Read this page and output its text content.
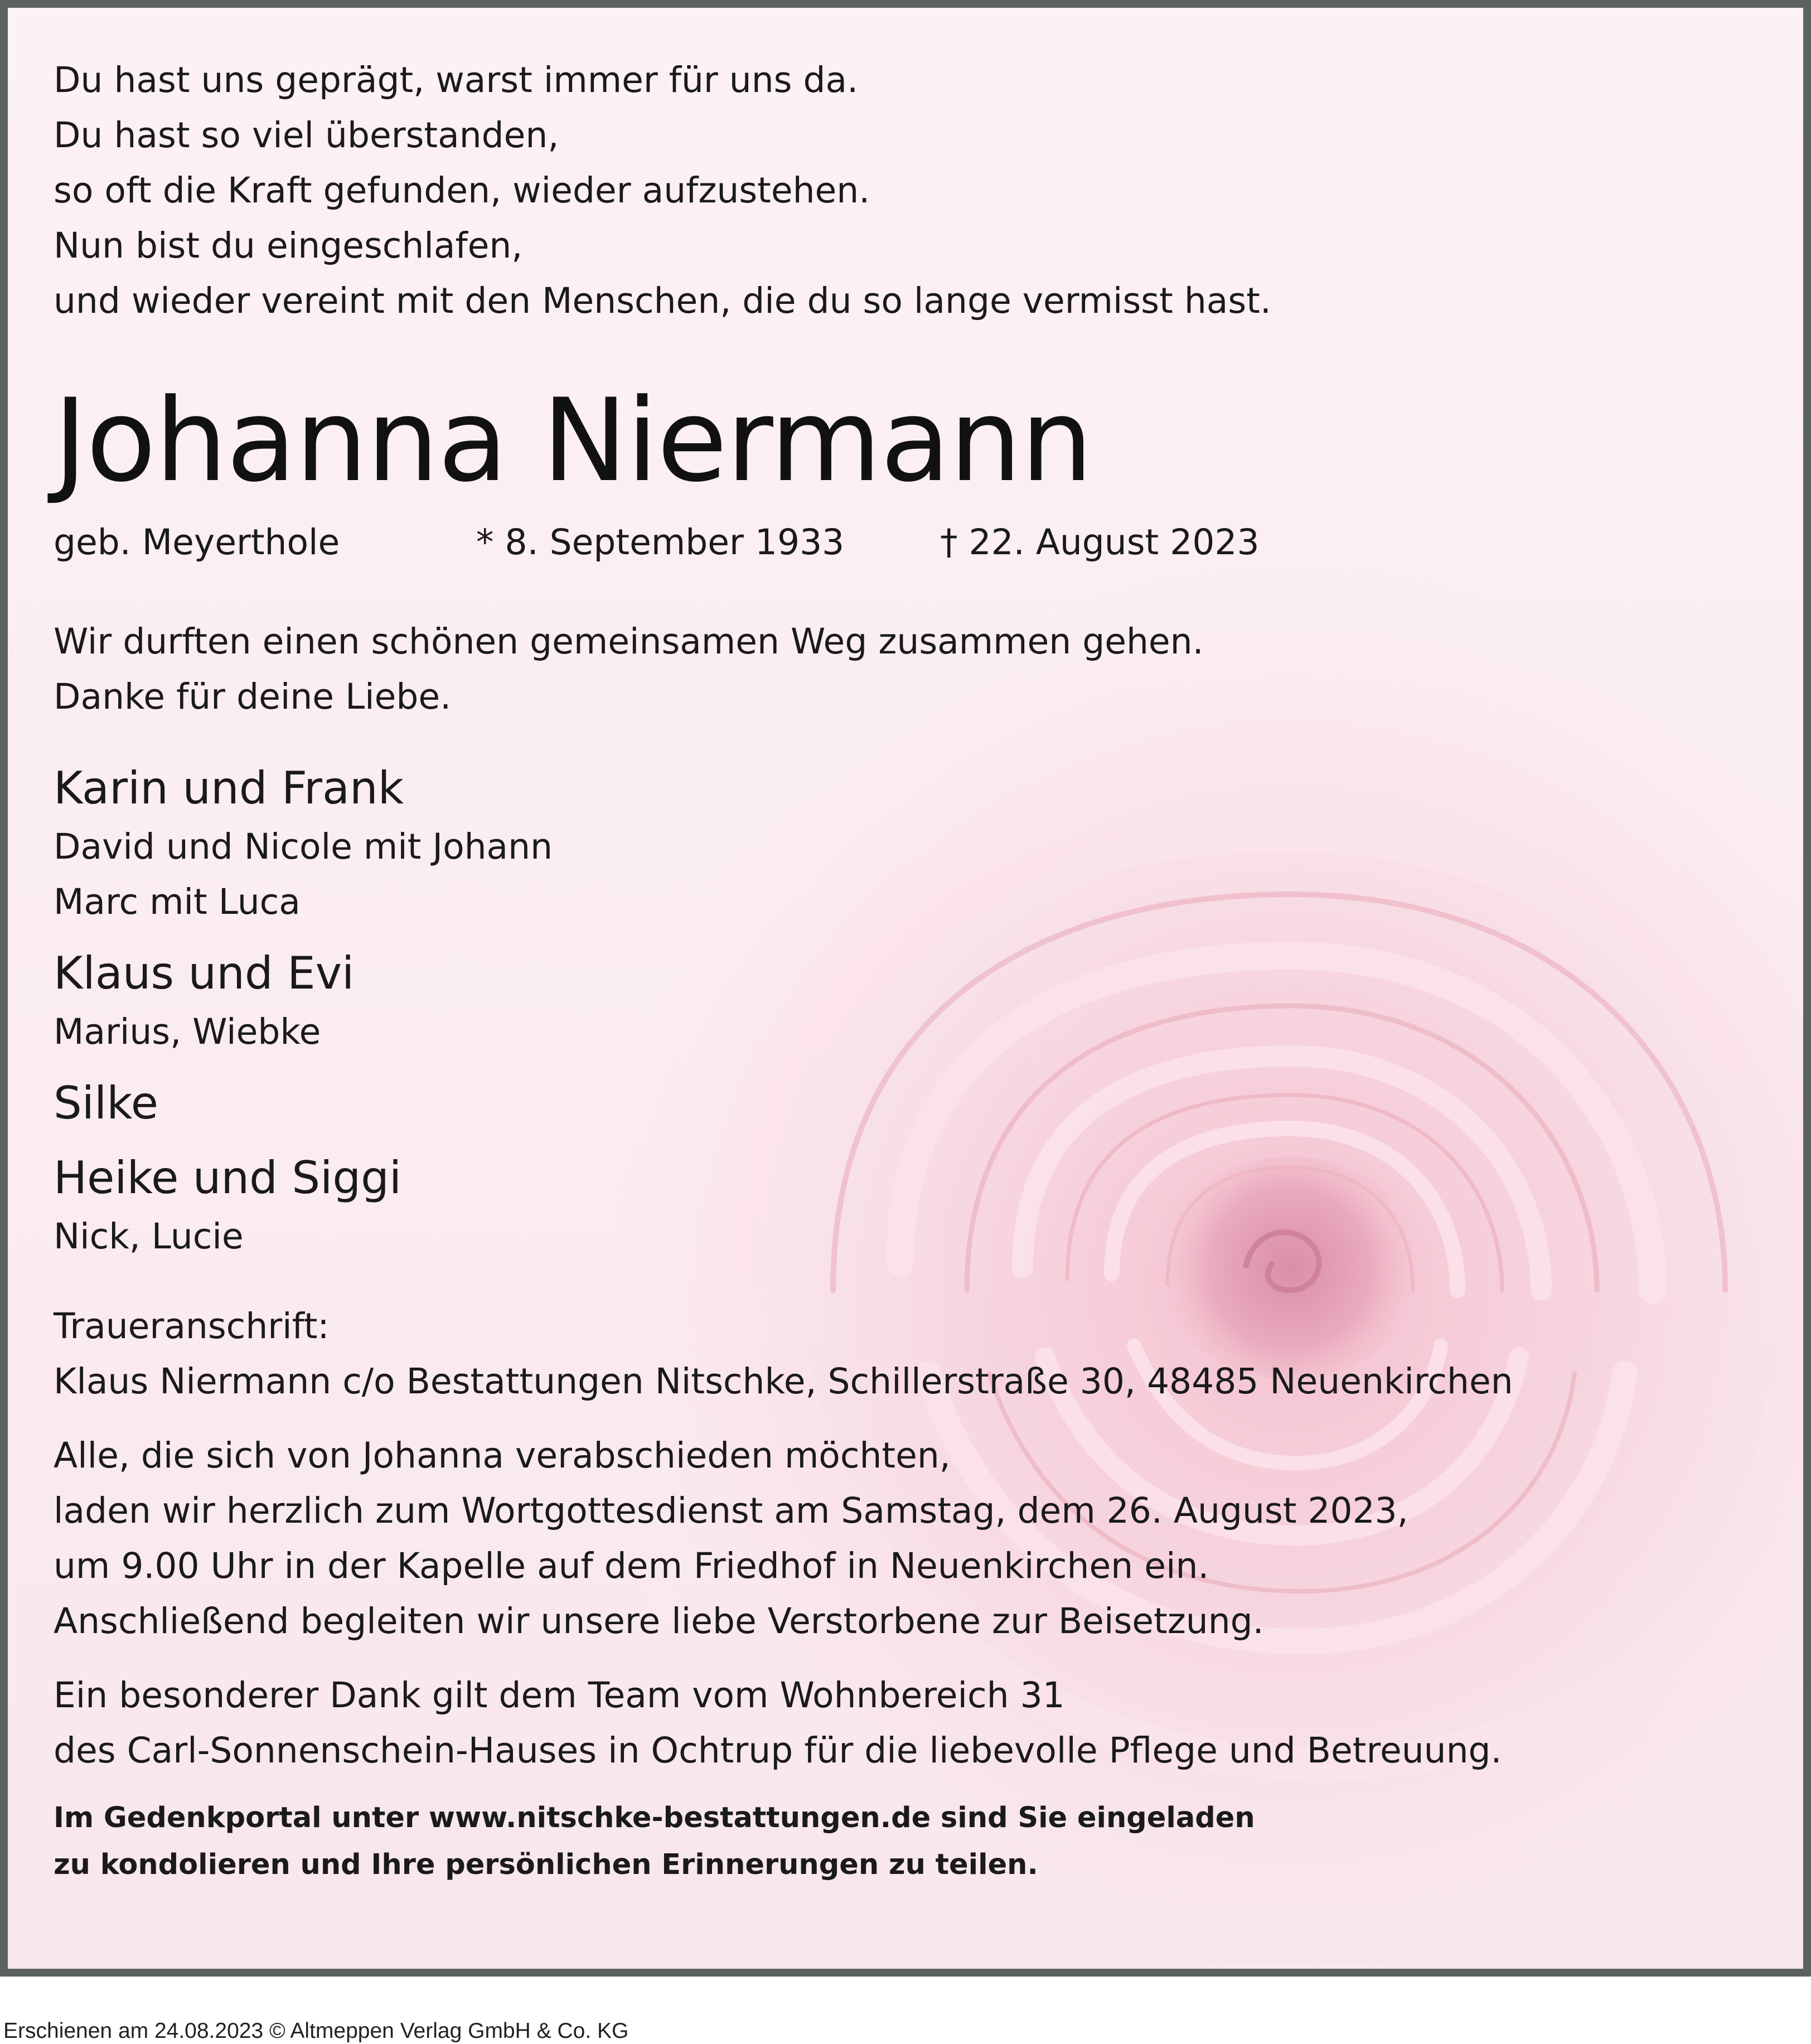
Du hast uns geprägt, warst immer für uns da.
Du hast so viel überstanden,
so oft die Kraft gefunden, wieder aufzustehen.
Nun bist du eingeschlafen,
und wieder vereint mit den Menschen, die du so lange vermisst hast.
Johanna Niermann
geb. Meyerthole	* 8. September 1933	† 22. August 2023
Wir durften einen schönen gemeinsamen Weg zusammen gehen.
Danke für deine Liebe.
Karin und Frank
David und Nicole mit Johann
Marc mit Luca
Klaus und Evi
Marius, Wiebke
Silke
Heike und Siggi
Nick, Lucie
Traueranschrift:
Klaus Niermann c/o Bestattungen Nitschke, Schillerstraße 30, 48485 Neuenkirchen
Alle, die sich von Johanna verabschieden möchten,
laden wir herzlich zum Wortgottesdienst am Samstag, dem 26. August 2023,
um 9.00 Uhr in der Kapelle auf dem Friedhof in Neuenkirchen ein.
Anschließend begleiten wir unsere liebe Verstorbene zur Beisetzung.
Ein besonderer Dank gilt dem Team vom Wohnbereich 31
des Carl-Sonnenschein-Hauses in Ochtrup für die liebevolle Pflege und Betreuung.
Im Gedenkportal unter www.nitschke-bestattungen.de sind Sie eingeladen
zu kondolieren und Ihre persönlichen Erinnerungen zu teilen.
Erschienen am 24.08.2023 © Altmeppen Verlag GmbH & Co. KG
